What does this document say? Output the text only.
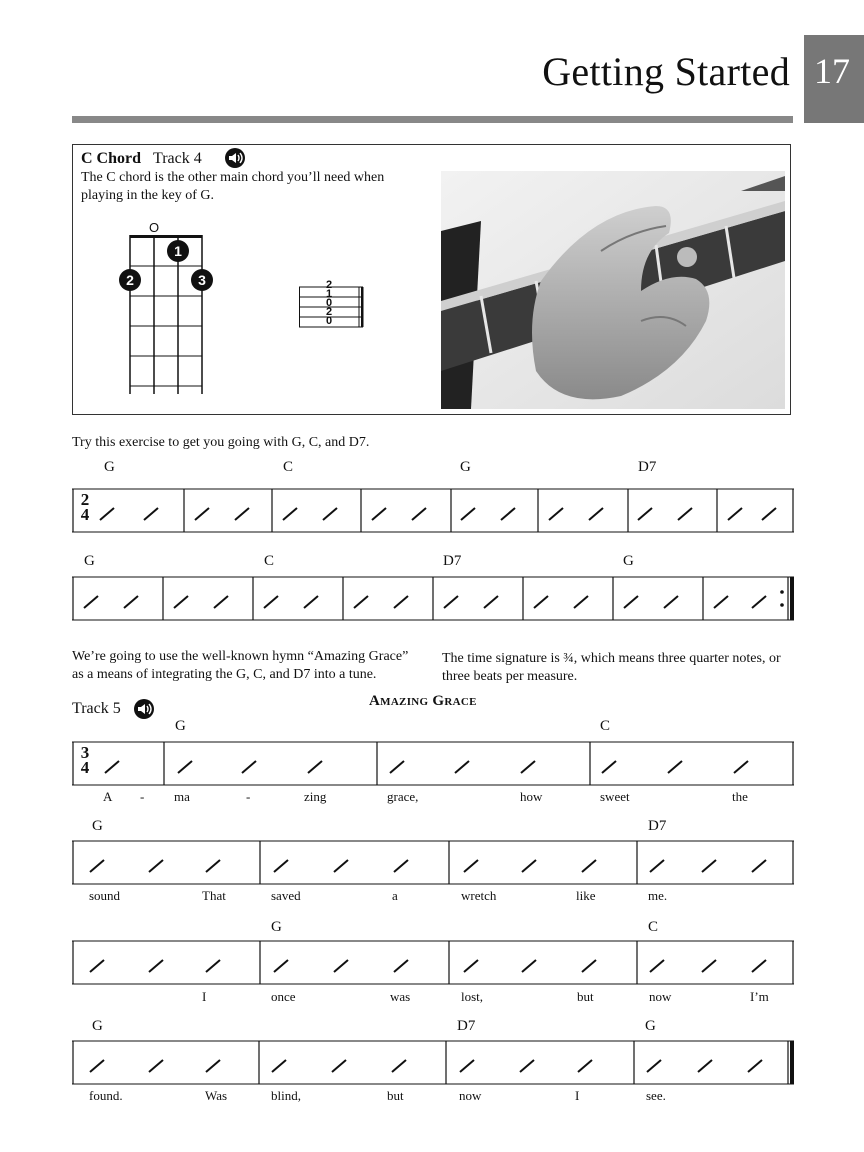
Getting Started 17
C Chord Track 4
The C chord is the other main chord you’ll need when
playing in the key of G.
O
1
2	3	2
1
0
2
0
Try this exercise to get you going with G, C, and D7.
G	C	G	D7
2
4
G	C	D7	G
We’re going to use the well-known hymn “Amazing Grace”
as a means of integrating the G, C, and D7 into a tune.
The time signature is ¾, which means three quarter notes, or
three beats per measure.
Track 5	Amazing Grace
G	C
3
4
A - ma	-	zing	grace,	how	sweet	the
G	D7
sound	That	saved	a	wretch	like	me.
G	C
I	once	was	lost,	but	now	I’m
G	D7	G
found.	Was	blind,	but	now	I	see.
